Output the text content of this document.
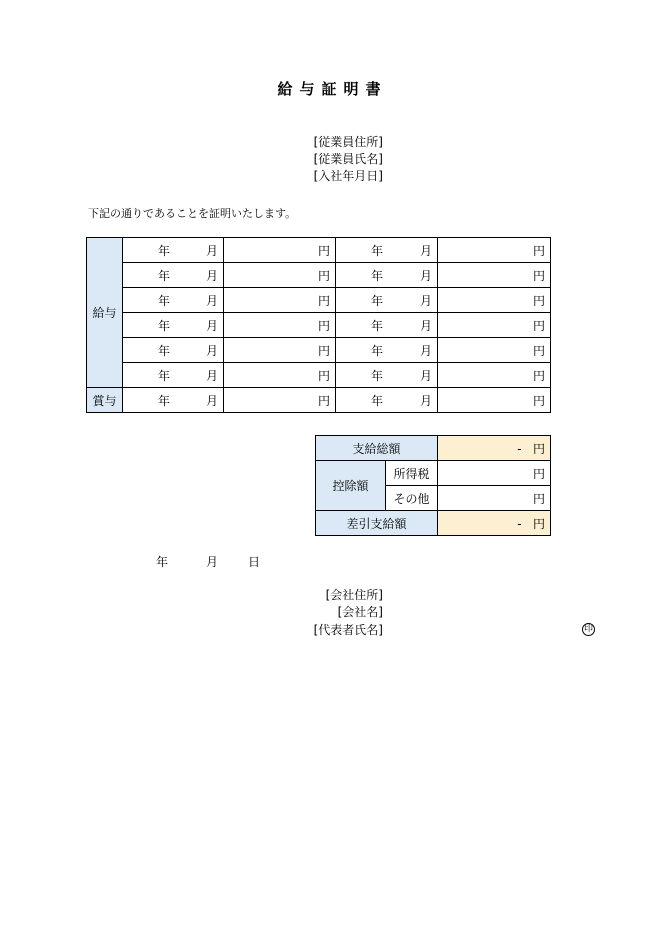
給与証明書
[従業員住所]
[従業員氏名]
[入社年月日]
下記の通りであることを証明いたします。
給与	年 月	円	年 月	円

	年 月	円	年 月	円

	年 月	円	年 月	円

	年 月	円	年 月	円

	年 月	円	年 月	円

	年 月	円	年 月	円
賞与	年 月	円	年 月	円
支給総額		- 円
控除額	所得税	円
	その他	円
差引支給額		- 円
年	月 日
[会社住所]
[会社名]
[代表者氏名]	印
